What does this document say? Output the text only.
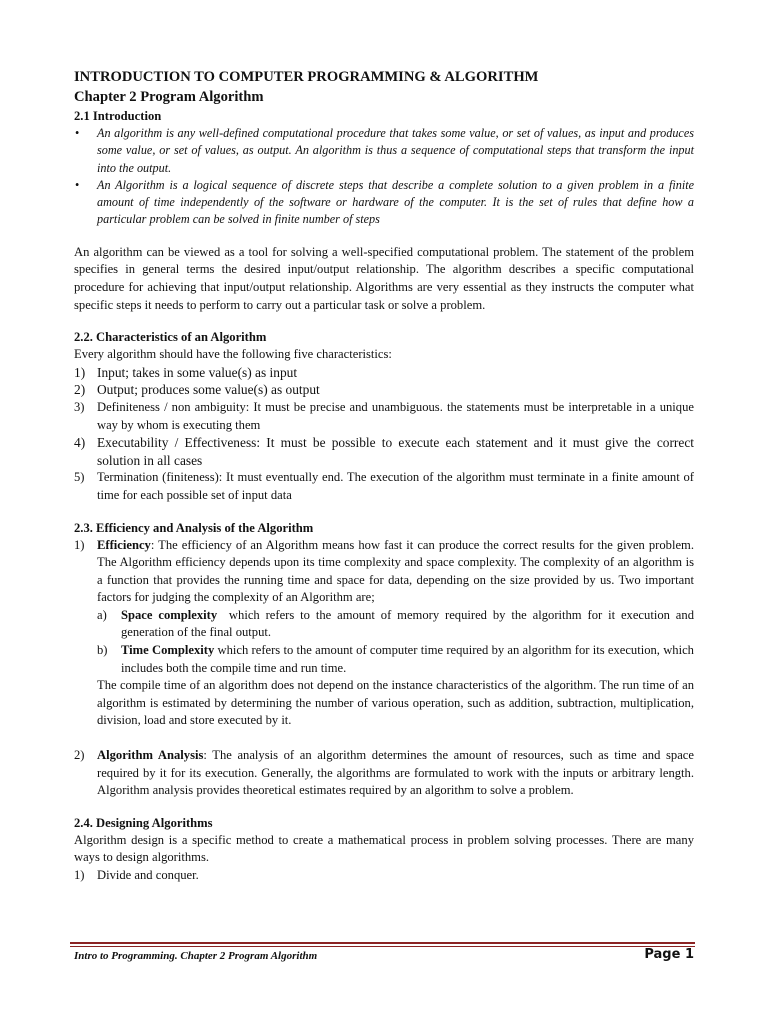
INTRODUCTION TO COMPUTER PROGRAMMING & ALGORITHM
Chapter 2 Program Algorithm
2.1 Introduction
• An algorithm is any well-defined computational procedure that takes some value, or set of values, as input and produces some value, or set of values, as output. An algorithm is thus a sequence of computational steps that transform the input into the output.
• An Algorithm is a logical sequence of discrete steps that describe a complete solution to a given problem in a finite amount of time independently of the software or hardware of the computer. It is the set of rules that define how a particular problem can be solved in finite number of steps

An algorithm can be viewed as a tool for solving a well-specified computational problem. The statement of the problem specifies in general terms the desired input/output relationship. The algorithm describes a specific computational procedure for achieving that input/output relationship. Algorithms are very essential as they instructs the computer what specific steps it needs to perform to carry out a particular task or solve a problem.

2.2. Characteristics of an Algorithm

Every algorithm should have the following five characteristics:

1) Input; takes in some value(s) as input
2) Output; produces some value(s) as output
3) Definiteness / non ambiguity: It must be precise and unambiguous. the statements must be interpretable in a unique way by whom is executing them
4) Executability / Effectiveness: It must be possible to execute each statement and it must give the correct solution in all cases
5) Termination (finiteness): It must eventually end. The execution of the algorithm must terminate in a finite amount of time for each possible set of input data
2.3. Efficiency and Analysis of the Algorithm
1) Efficiency: The efficiency of an Algorithm means how fast it can produce the correct results for the given problem. The Algorithm efficiency depends upon its time complexity and space complexity. The complexity of an algorithm is a function that provides the running time and space for data, depending on the size provided by us. Two important factors for judging the complexity of an Algorithm are;
a) Space complexity  which refers to the amount of memory required by the algorithm for it execution and generation of the final output.
b) Time Complexity which refers to the amount of computer time required by an algorithm for its execution, which includes both the compile time and run time.
The compile time of an algorithm does not depend on the instance characteristics of the algorithm. The run time of an algorithm is estimated by determining the number of various operation, such as addition, subtraction, multiplication, division, load and store executed by it.
2) Algorithm Analysis: The analysis of an algorithm determines the amount of resources, such as time and space required by it for its execution. Generally, the algorithms are formulated to work with the inputs or arbitrary length. Algorithm analysis provides theoretical estimates required by an algorithm to solve a problem.
2.4. Designing Algorithms

Algorithm design is a specific method to create a mathematical process in problem solving processes. There are many ways to design algorithms.

1) Divide and conquer.
Intro to Programming. Chapter 2 Program Algorithm	Page 1
